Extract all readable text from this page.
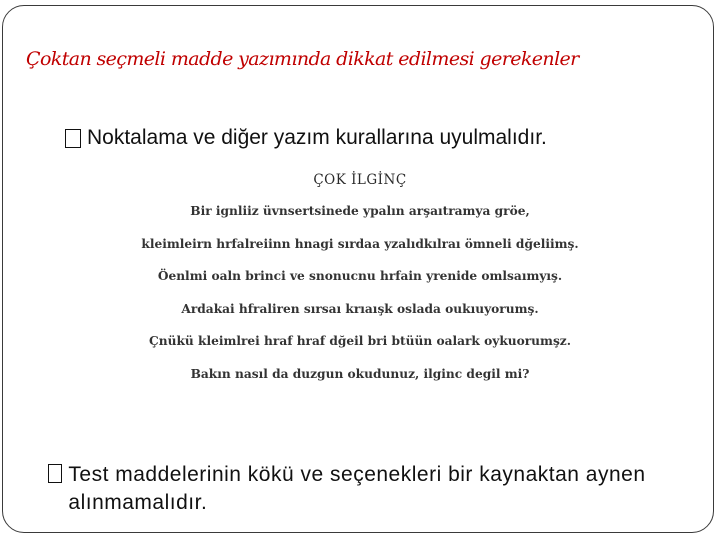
Çoktan seçmeli madde yazımında dikkat edilmesi gerekenler
Noktalama ve diğer yazım kurallarına uyulmalıdır.
ÇOK İLGİNÇ
Bir ignliiz üvnsertsinede ypalın arşaıtramya gröe,
kleimleirn hrfalreiinn hnagi sırdaa yzalıdkılraı ömneli dğeliimş.
Öenlmi oaln brinci ve snonucnu hrfain yrenide omlsaımyış.
Ardakai hfraliren sırsaı krıaışk oslada oukıuyorumş.
Çnükü kleimlrei hraf hraf dğeil bri btüün oalark oykuorumşz.
Bakın nasıl da duzgun okudunuz, ilginc degil mi?
Test maddelerinin kökü ve seçenekleri bir kaynaktan aynen alınmamalıdır.
